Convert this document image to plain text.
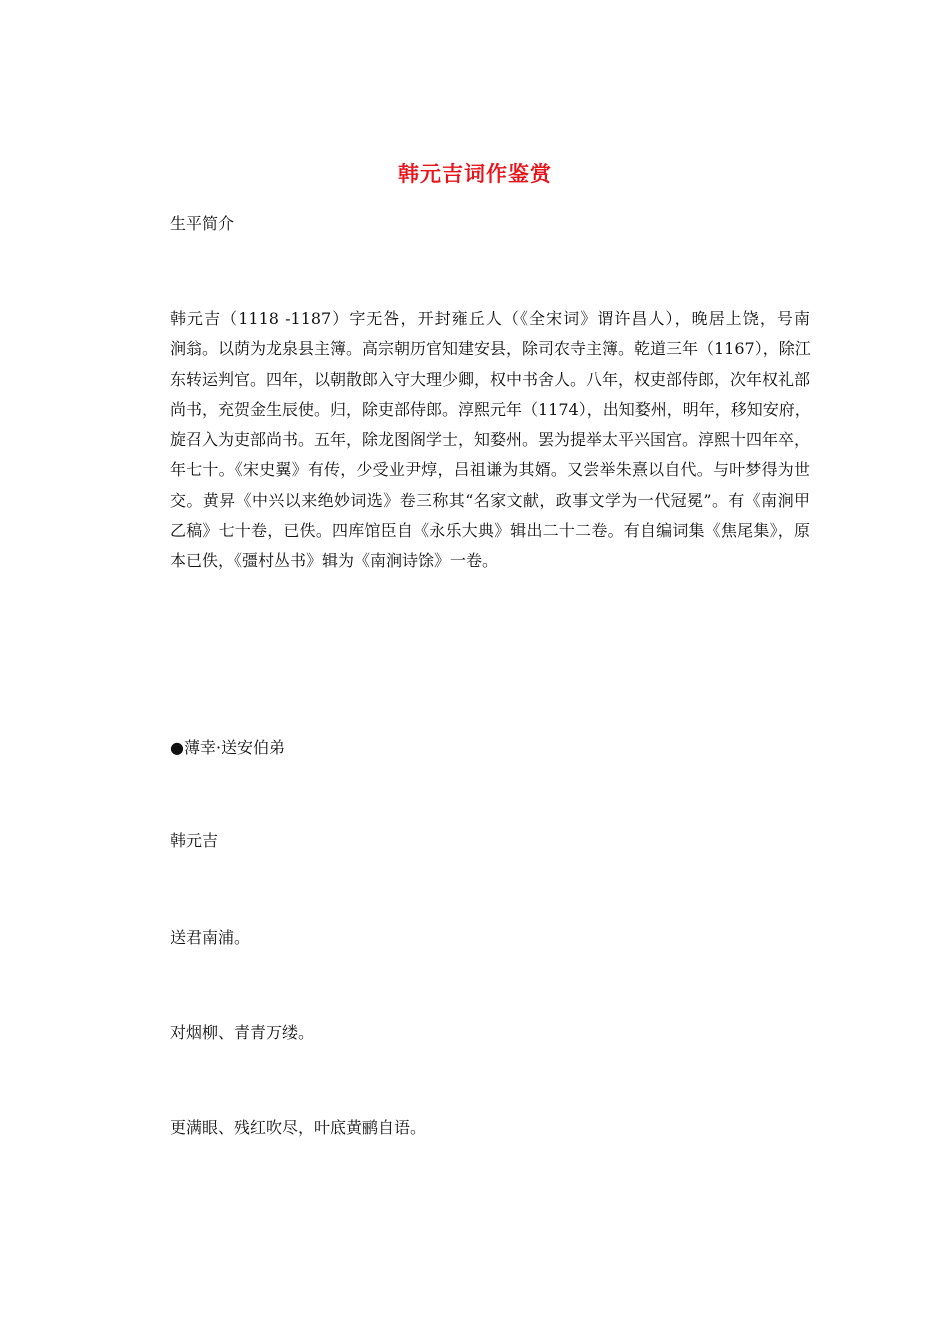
韩元吉词作鉴赏
生平简介
韩元吉（1118 -1187）字无咎，开封雍丘人（《全宋词》谓许昌人），晚居上饶，号南
涧翁。以荫为龙泉县主簿。高宗朝历官知建安县，除司农寺主簿。乾道三年（1167），除江
东转运判官。四年，以朝散郎入守大理少卿，权中书舍人。八年，权吏部侍郎，次年权礼部
尚书，充贺金生辰使。归，除吏部侍郎。淳熙元年（1174），出知婺州，明年，移知安府，
旋召入为吏部尚书。五年，除龙图阁学士，知婺州。罢为提举太平兴国宫。淳熙十四年卒，
年七十。《宋史翼》有传，少受业尹焞，吕祖谦为其婿。又尝举朱熹以自代。与叶梦得为世
交。黄昇《中兴以来绝妙词选》卷三称其“名家文献，政事文学为一代冠冕”。有《南涧甲
乙稿》七十卷，已佚。四库馆臣自《永乐大典》辑出二十二卷。有自编词集《焦尾集》，原
本已佚，《彊村丛书》辑为《南涧诗馀》一卷。
●薄幸·送安伯弟
韩元吉
送君南浦。
对烟柳、青青万缕。
更满眼、残红吹尽，叶底黄鹂自语。
